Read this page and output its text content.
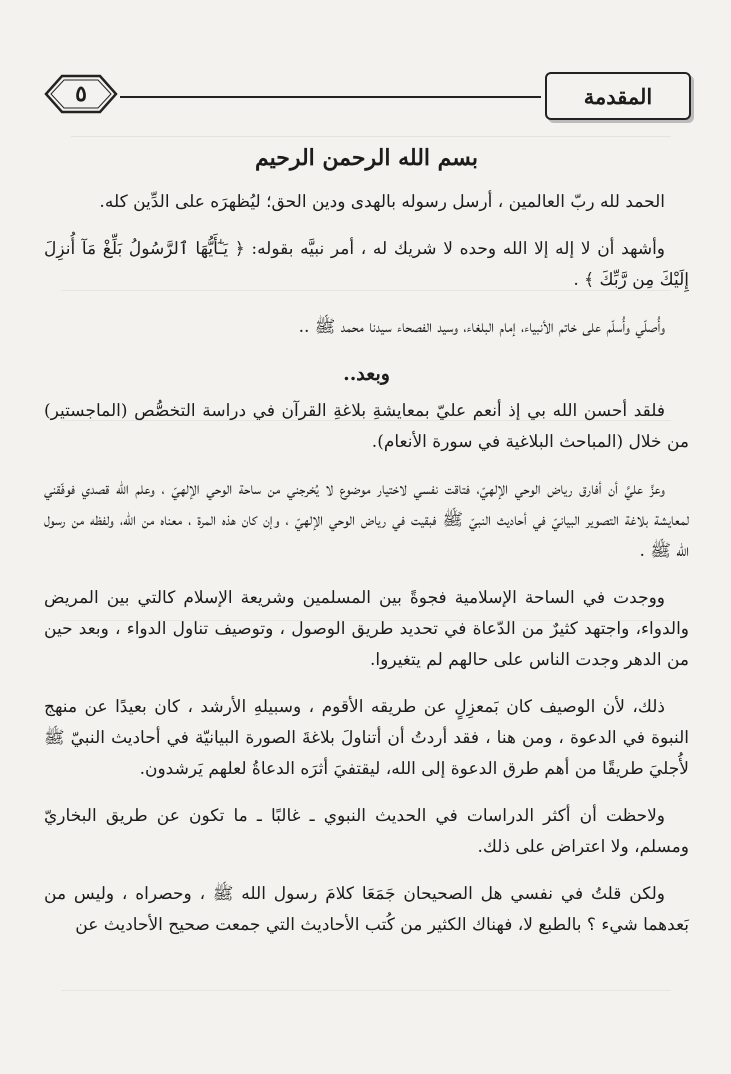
٥	المقدمة
بسم الله الرحمن الرحيم

الحمد لله ربّ العالمين ، أرسل رسوله بالهدى ودين الحق؛ ليُظهرَه على الدِّين كله.

وأشهد أن لا إله إلا الله وحده لا شريك له ، أمر نبيَّه بقوله: ﴿ يَـٰٓأَيُّهَا ٱلرَّسُولُ بَلِّغْ مَآ أُنزِلَ إِلَيْكَ مِن رَّبِّكَ ﴾ .

وأُصلّي وأُسلّم على خاتم الأنبياء، إمام البلغاء، وسيد الفصحاء سيدنا محمد ﷺ ..

وبعد..

فلقد أحسن الله بي إذ أنعم عليّ بمعايشةِ بلاغةِ القرآن في دراسة التخصُّص (الماجستير) من خلال (المباحث البلاغية في سورة الأنعام).

وعزَّ عليَّ أن أفارق رياض الوحي الإلهيّ، فتاقت نفسي لاختيار موضوع لا يُخرجني من ساحة الوحي الإلهيّ ، وعلم الله قصدي فوفّقني لمعايشة بلاغة التصوير البيانيّ في أحاديث النبيّ ﷺ فبقيت في رياض الوحي الإلهيّ ، وإن كان هذه المرة ، معناه من الله، ولفظه من رسول الله ﷺ .

ووجدت في الساحة الإسلامية فجوةً بين المسلمين وشريعة الإسلام كالتي بين المريض والدواء، واجتهد كثيرٌ من الدّعاة في تحديد طريق الوصول ، وتوصيف تناول الدواء ، وبعد حين من الدهر وجدت الناس على حالهم لم يتغيروا.

ذلك، لأن الوصيف كان بَمعزِلٍ عن طريقه الأقوم ، وسبيلهِ الأرشد ، كان بعيدًا عن منهج النبوة في الدعوة ، ومن هنا ، فقد أردتُ أن أتناولَ بلاغةَ الصورة البيانيّة في أحاديث النبيّ ﷺ لأُجليَ طريقًا من أهم طرق الدعوة إلى الله، ليقتفيَ أثرَه الدعاةُ لعلهم يَرشدون.

ولاحظت أن أكثر الدراسات في الحديث النبوي ـ غالبًا ـ ما تكون عن طريق البخاريّ ومسلم، ولا اعتراض على ذلك.

ولكن قلتُ في نفسي هل الصحيحان جَمَعَا كلامَ رسول الله ﷺ ، وحصراه ، وليس من بَعدهما شيء ؟ بالطبع لا، فهناك الكثير من كُتب الأحاديث التي جمعت صحيح الأحاديث عن
